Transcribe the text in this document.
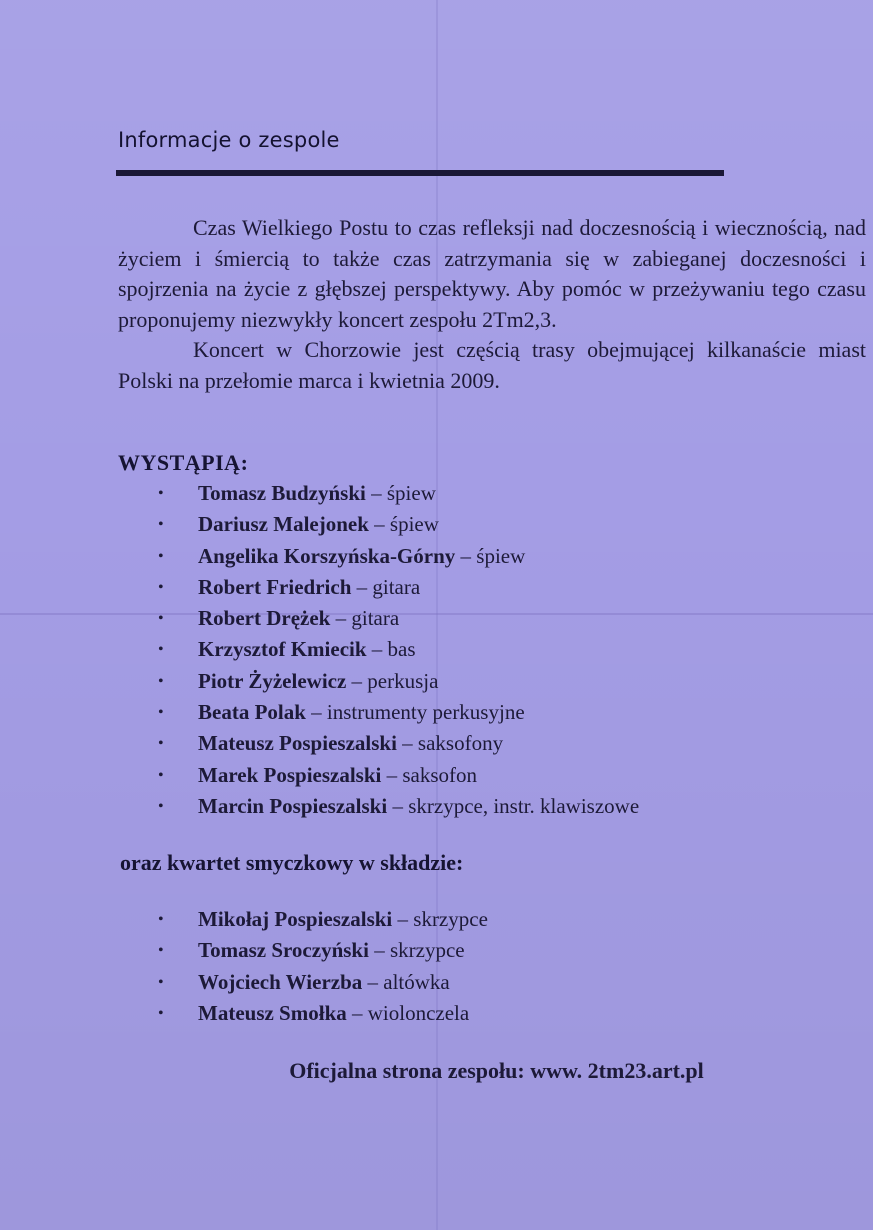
Informacje o zespole

Czas Wielkiego Postu to czas refleksji nad doczesnością i wiecznością, nad życiem i śmiercią to także czas zatrzymania się w zabieganej doczesności i spojrzenia na życie z głębszej perspektywy. Aby pomóc w przeżywaniu tego czasu proponujemy niezwykły koncert zespołu 2Tm2,3.

Koncert w Chorzowie jest częścią trasy obejmującej kilkanaście miast Polski na przełomie marca i kwietnia 2009.

WYSTĄPIĄ:
• Tomasz Budzyński – śpiew
• Dariusz Malejonek – śpiew
• Angelika Korszyńska-Górny – śpiew
• Robert Friedrich – gitara
• Robert Drężek – gitara
• Krzysztof Kmiecik – bas
• Piotr Żyżelewicz – perkusja
• Beata Polak – instrumenty perkusyjne
• Mateusz Pospieszalski – saksofony
• Marek Pospieszalski – saksofon
• Marcin Pospieszalski – skrzypce, instr. klawiszowe
oraz kwartet smyczkowy w składzie:
• Mikołaj Pospieszalski – skrzypce
• Tomasz Sroczyński – skrzypce
• Wojciech Wierzba – altówka
• Mateusz Smołka – wiolonczela
Oficjalna strona zespołu: www. 2tm23.art.pl
